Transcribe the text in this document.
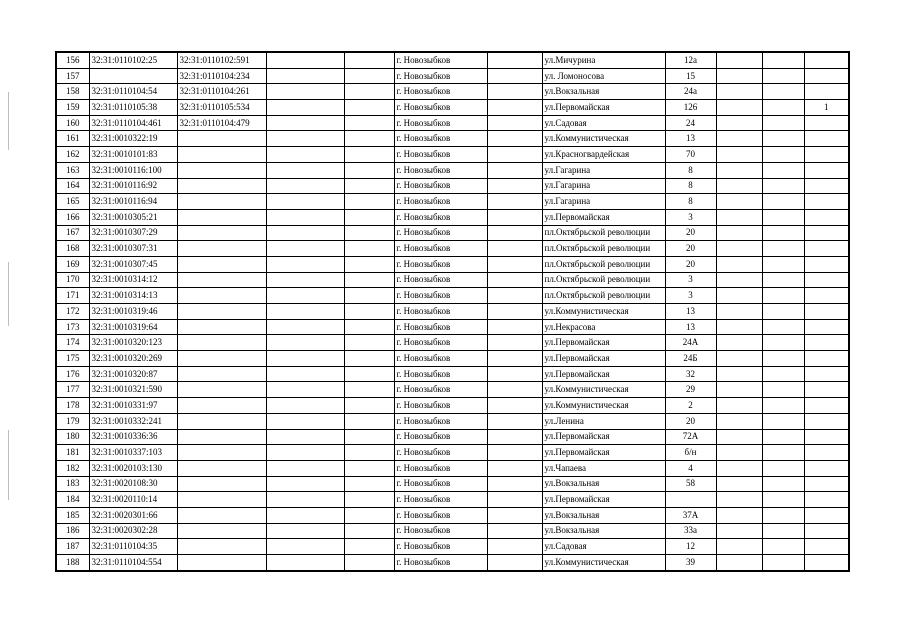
156	32:31:0110102:25	32:31:0110102:591			г. Новозыбков		ул.Мичурина	12а			
157		32:31:0110104:234			г. Новозыбков		ул. Ломоносова	15			
158	32:31:0110104:54	32:31:0110104:261			г. Новозыбков		ул.Вокзальная	24а			
159	32:31:0110105:38	32:31:0110105:534			г. Новозыбков		ул.Первомайская	126			1
160	32:31:0110104:461	32:31:0110104:479			г. Новозыбков		ул.Садовая	24			
161	32:31:0010322:19				г. Новозыбков		ул.Коммунистическая	13			
162	32:31:0010101:83				г. Новозыбков		ул.Красногвардейская	70			
163	32:31:0010116:100				г. Новозыбков		ул.Гагарина	8			
164	32:31:0010116:92				г. Новозыбков		ул.Гагарина	8			
165	32:31:0010116:94				г. Новозыбков		ул.Гагарина	8			
166	32:31:0010305:21				г. Новозыбков		ул.Первомайская	3			
167	32:31:0010307:29				г. Новозыбков		пл.Октябрьской революции	20			
168	32:31:0010307:31				г. Новозыбков		пл.Октябрьской революции	20			
169	32:31:0010307:45				г. Новозыбков		пл.Октябрьской революции	20			
170	32:31:0010314:12				г. Новозыбков		пл.Октябрьской революции	3			
171	32:31:0010314:13				г. Новозыбков		пл.Октябрьской революции	3			
172	32:31:0010319:46				г. Новозыбков		ул.Коммунистическая	13			
173	32:31:0010319:64				г. Новозыбков		ул.Некрасова	13			
174	32:31:0010320:123				г. Новозыбков		ул.Первомайская	24А			
175	32:31:0010320:269				г. Новозыбков		ул.Первомайская	24Б			
176	32:31:0010320:87				г. Новозыбков		ул.Первомайская	32			
177	32:31:0010321:590				г. Новозыбков		ул.Коммунистическая	29			
178	32:31:0010331:97				г. Новозыбков		ул.Коммунистическая	2			
179	32:31:0010332:241				г. Новозыбков		ул.Ленина	20			
180	32:31:0010336:36				г. Новозыбков		ул.Первомайская	72А			
181	32:31:0010337:103				г. Новозыбков		ул.Первомайская	б/н			
182	32:31:0020103:130				г. Новозыбков		ул.Чапаева	4			
183	32:31:0020108:30				г. Новозыбков		ул.Вокзальная	58			
184	32:31:0020110:14				г. Новозыбков		ул.Первомайская				
185	32:31:0020301:66				г. Новозыбков		ул.Вокзальная	37А			
186	32:31:0020302:28				г. Новозыбков		ул.Вокзальная	33а			
187	32:31:0110104:35				г. Новозыбков		ул.Садовая	12			
188	32:31:0110104:554				г. Новозыбков		ул.Коммунистическая	39			
